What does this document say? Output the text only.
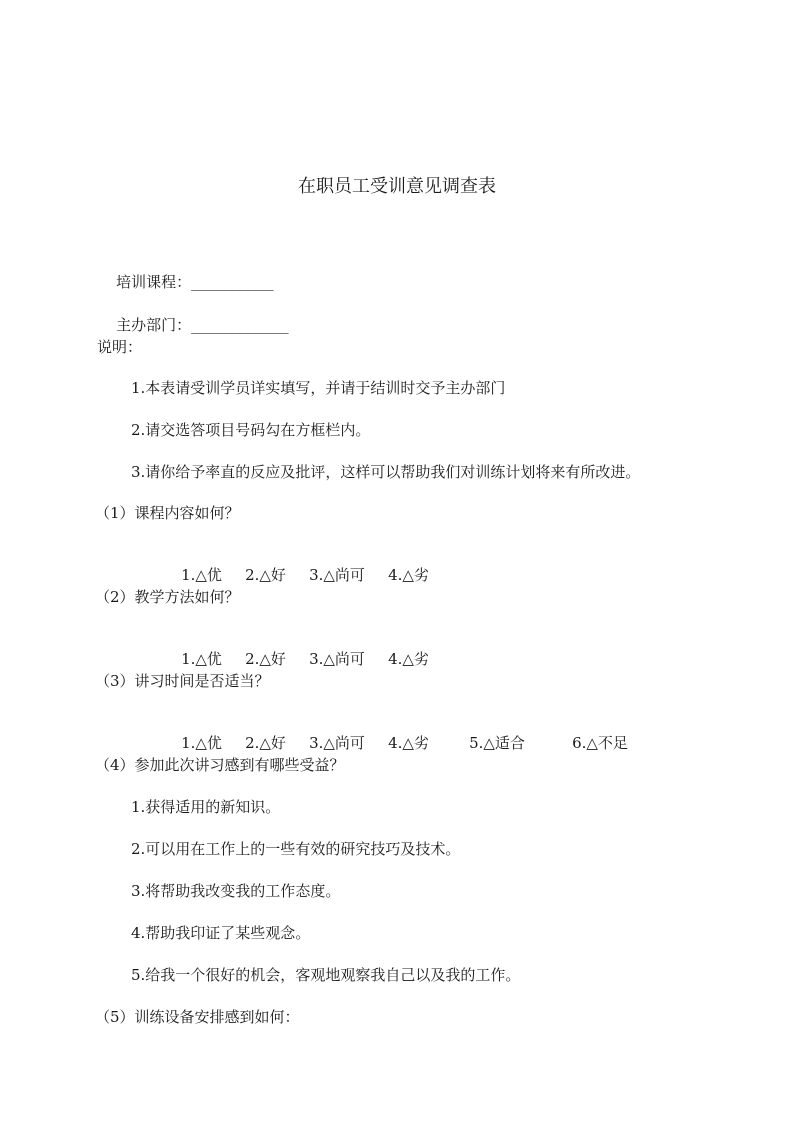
在职员工受训意见调查表

培训课程：___________

主办部门：_____________

说明：
1.本表请受训学员详实填写，并请于结训时交予主办部门
2.请交选答项目号码勾在方框栏内。
3.请你给予率直的反应及批评，这样可以帮助我们对训练计划将来有所改进。
（1）课程内容如何？

1.△优 2.△好 3.△尚可 4.△劣

（2）教学方法如何？

1.△优 2.△好 3.△尚可 4.△劣

（3）讲习时间是否适当？

1.△优 2.△好 3.△尚可 4.△劣	5.△适合	6.△不足

（4）参加此次讲习感到有哪些受益？
1.获得适用的新知识。
2.可以用在工作上的一些有效的研究技巧及技术。
3.将帮助我改变我的工作态度。
4.帮助我印证了某些观念。
5.给我一个很好的机会，客观地观察我自己以及我的工作。
（5）训练设备安排感到如何：
